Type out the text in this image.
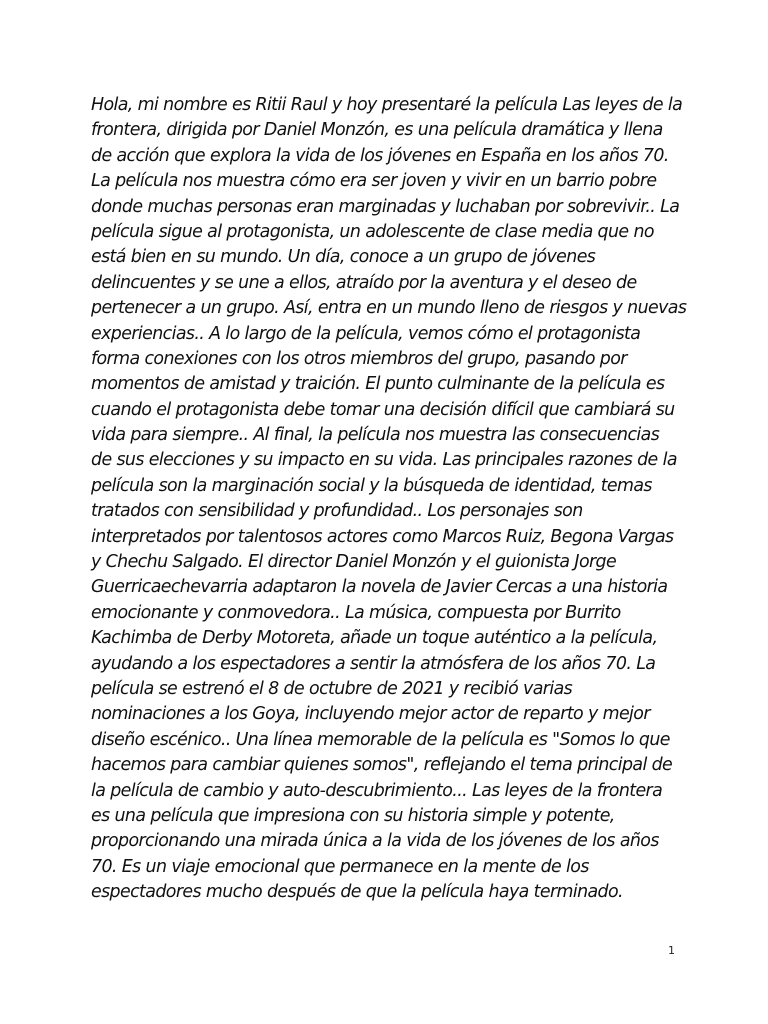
Hola, mi nombre es Ritii Raul y hoy presentaré la película Las leyes de la
frontera, dirigida por Daniel Monzón, es una película dramática y llena
de acción que explora la vida de los jóvenes en España en los años 70.
La película nos muestra cómo era ser joven y vivir en un barrio pobre
donde muchas personas eran marginadas y luchaban por sobrevivir.. La
película sigue al protagonista, un adolescente de clase media que no
está bien en su mundo. Un día, conoce a un grupo de jóvenes
delincuentes y se une a ellos, atraído por la aventura y el deseo de
pertenecer a un grupo. Así, entra en un mundo lleno de riesgos y nuevas
experiencias.. A lo largo de la película, vemos cómo el protagonista
forma conexiones con los otros miembros del grupo, pasando por
momentos de amistad y traición. El punto culminante de la película es
cuando el protagonista debe tomar una decisión difícil que cambiará su
vida para siempre.. Al final, la película nos muestra las consecuencias
de sus elecciones y su impacto en su vida. Las principales razones de la
película son la marginación social y la búsqueda de identidad, temas
tratados con sensibilidad y profundidad.. Los personajes son
interpretados por talentosos actores como Marcos Ruiz, Begona Vargas
y Chechu Salgado. El director Daniel Monzón y el guionista Jorge
Guerricaechevarria adaptaron la novela de Javier Cercas a una historia
emocionante y conmovedora.. La música, compuesta por Burrito
Kachimba de Derby Motoreta, añade un toque auténtico a la película,
ayudando a los espectadores a sentir la atmósfera de los años 70. La
película se estrenó el 8 de octubre de 2021 y recibió varias
nominaciones a los Goya, incluyendo mejor actor de reparto y mejor
diseño escénico.. Una línea memorable de la película es "Somos lo que
hacemos para cambiar quienes somos", reflejando el tema principal de
la película de cambio y auto-descubrimiento... Las leyes de la frontera
es una película que impresiona con su historia simple y potente,
proporcionando una mirada única a la vida de los jóvenes de los años
70. Es un viaje emocional que permanece en la mente de los
espectadores mucho después de que la película haya terminado.
1
